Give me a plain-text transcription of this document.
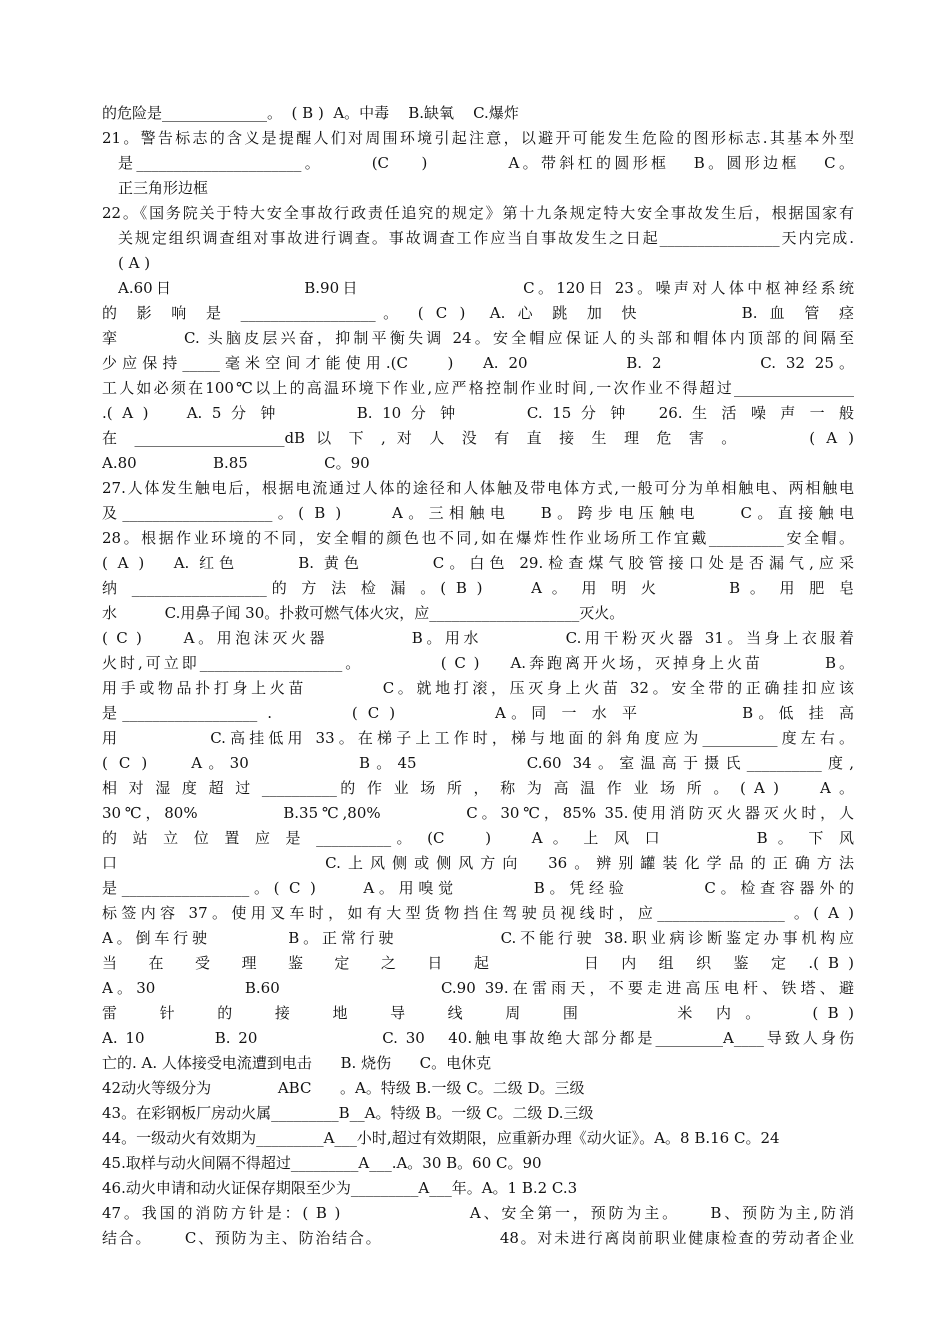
的危险是______________。  ( B )  A。中毒    B.缺氧    C.爆炸
21。警告标志的含义是提醒人们对周围环境引起注意，以避开可能发生危险的图形标志.其基本外型
是______________________。      (C    )          A。带斜杠的圆形框   B。圆形边框   C。
正三角形边框
22。《国务院关于特大安全事故行政责任追究的规定》第十九条规定特大安全事故发生后，根据国家有
关规定组织调查组对事故进行调查。事故调查工作应当自事故发生之日起________________天内完成.
( A )
A.60日                B.90日                    C。120日 23。噪声对人体中枢神经系统
的 影 响 是 __________________。 ( C )  A. 心 跳 加 快        B. 血 管 痉
挛        C. 头脑皮层兴奋，抑制平衡失调 24。安全帽应保证人的头部和帽体内顶部的间隔至
少应保持_____毫米空间才能使用.(C    )   A. 20          B. 2          C. 32 25。
工人如必须在100℃以上的高温环境下作业,应严格控制作业时间,一次作业不得超过________________
.( A )    A. 5 分 钟        B. 10 分 钟       C. 15 分 钟   26. 生 活 噪 声 一 般
在 ____________________dB 以 下 , 对 人 没 有 直 接 生 理 危 害 。      ( A )
A.80                B.85                C。90
27.人体发生触电后，根据电流通过人体的途径和人体触及带电体方式,一般可分为单相触电、两相触电
及____________________。( B )     A。三相触电   B。跨步电压触电    C。直接触电
28。根据作业环境的不同，安全帽的颜色也不同,如在爆炸性作业场所工作宜戴__________安全帽。
( A )   A. 红色      B. 黄色       C。白色 29.检查煤气胶管接口处是否漏气,应采
纳 __________________的 方 法 检 漏 。( B )     A 。 用 明 火       B 。 用 肥 皂
水          C.用鼻子闻 30。扑救可燃气体火灾，应____________________灭火。
( C )     A。用泡沫灭火器          B。用水          C.用干粉灭火器 31。当身上衣服着
火时,可立即___________________。          ( C )    A.奔跑离开火场，灭掉身上火苗        B。
用手或物品扑打身上火苗         C。就地打滚，压灭身上火苗 32。安全带的正确挂扣应该
是__________________ .        ( C )          A。同 一 水 平          B。低 挂 高
用          C.高挂低用 33。在梯子上工作时，梯与地面的斜角度应为__________度左右。
( C )    A。30          B。45          C.60 34。室温高于摄氏__________度,
相 对 湿 度 超 过 __________的 作 业 场 所 ， 称 为 高 温 作 业 场 所 。 ( A )     A 。
30℃，80%          B.35℃,80%          C。30℃，85% 35.使用消防灭火器灭火时，人
的 站 立 位 置 应 是 __________。 (C    )    A 。 上 风 口         B 。 下 风
口                 C.上风侧或侧风方向  36。辨别罐装化学品的正确方法
是_________________。( C )     A。用嗅觉        B。凭经验        C。检查容器外的
标签内容 37。使用叉车时，如有大型货物挡住驾驶员视线时，应_________________ 。( A )
A。倒车行驶         B。正常行驶            C.不能行驶 38.职业病诊断鉴定办事机构应
当   在   受   理   鉴   定   之   日   起          日  内  组  织  鉴  定  .( B )
A。30          B.60                  C.90 39.在雷雨天，不要走进高压电杆、铁塔、避
雷    针    的    接    地    导    线    周    围          米  内 。     ( B )
A. 10         B. 20                C. 30   40.触电事故绝大部分都是_________A____导致人身伤
亡的. A. 人体接受电流遭到电击      B. 烧伤      C。电休克
42动火等级分为              ABC      。A。特级 B.一级 C。二级 D。三级
43。在彩钢板厂房动火属_________B__A。特级 B。一级 C。二级 D.三级
44。一级动火有效期为_________A___小时,超过有效期限，应重新办理《动火证》。A。8 B.16 C。24
45.取样与动火间隔不得超过_________A___.A。30 B。60 C。90
46.动火申请和动火证保存期限至少为_________A___年。A。1 B.2 C.3
47。我国的消防方针是：( B )                 A、安全第一，预防为主。    B、预防为主,防消
结合。     C、预防为主、防治结合。                  48。对未进行离岗前职业健康检查的劳动者企业
